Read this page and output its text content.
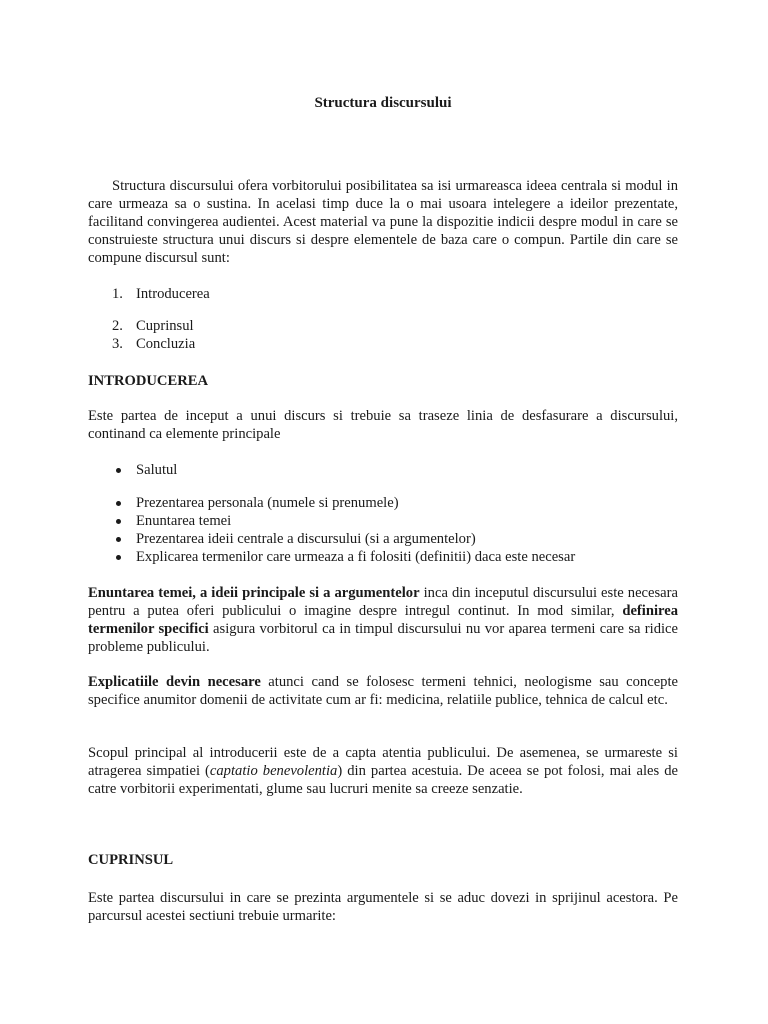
Structura discursului

Structura discursului ofera vorbitorului posibilitatea sa isi urmareasca ideea centrala si modul in care urmeaza sa o sustina. In acelasi timp duce la o mai usoara intelegere a ideilor prezentate, facilitand convingerea audientei. Acest material va pune la dispozitie indicii despre modul in care se construieste structura unui discurs si despre elementele de baza care o compun. Partile din care se compune discursul sunt:

1. Introducerea
2. Cuprinsul
3. Concluzia
INTRODUCEREA

Este partea de inceput a unui discurs si trebuie sa traseze linia de desfasurare a discursului, continand ca elemente principale

Salutul
Prezentarea personala (numele si prenumele)
Enuntarea temei
Prezentarea ideii centrale a discursului (si a argumentelor)
Explicarea termenilor care urmeaza a fi folositi (definitii) daca este necesar

Enuntarea temei, a ideii principale si a argumentelor inca din inceputul discursului este necesara pentru a putea oferi publicului o imagine despre intregul continut. In mod similar, definirea termenilor specifici asigura vorbitorul ca in timpul discursului nu vor aparea termeni care sa ridice probleme publicului.

Explicatiile devin necesare atunci cand se folosesc termeni tehnici, neologisme sau concepte specifice anumitor domenii de activitate cum ar fi: medicina, relatiile publice, tehnica de calcul etc.

Scopul principal al introducerii este de a capta atentia publicului. De asemenea, se urmareste si atragerea simpatiei (captatio benevolentia) din partea acestuia. De aceea se pot folosi, mai ales de catre vorbitorii experimentati, glume sau lucruri menite sa creeze senzatie.

CUPRINSUL

Este partea discursului in care se prezinta argumentele si se aduc dovezi in sprijinul acestora. Pe parcursul acestei sectiuni trebuie urmarite:
